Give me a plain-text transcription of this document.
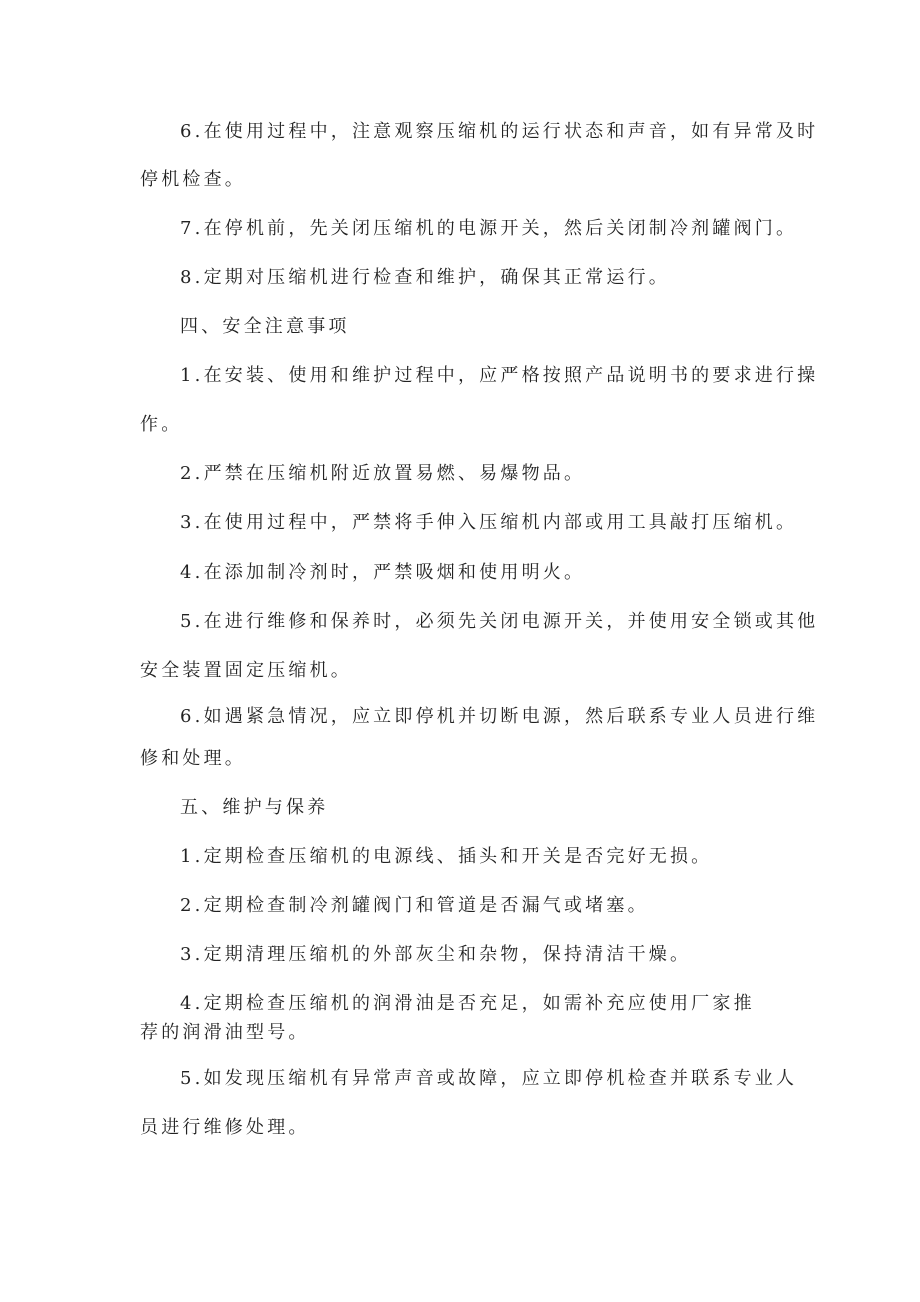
6.在使用过程中，注意观察压缩机的运行状态和声音，如有异常及时

停机检查。

7.在停机前，先关闭压缩机的电源开关，然后关闭制冷剂罐阀门。

8.定期对压缩机进行检查和维护，确保其正常运行。

四、安全注意事项

1.在安装、使用和维护过程中，应严格按照产品说明书的要求进行操

作。

2.严禁在压缩机附近放置易燃、易爆物品。

3.在使用过程中，严禁将手伸入压缩机内部或用工具敲打压缩机。

4.在添加制冷剂时，严禁吸烟和使用明火。

5.在进行维修和保养时，必须先关闭电源开关，并使用安全锁或其他

安全装置固定压缩机。

6.如遇紧急情况，应立即停机并切断电源，然后联系专业人员进行维

修和处理。

五、维护与保养

1.定期检查压缩机的电源线、插头和开关是否完好无损。

2.定期检查制冷剂罐阀门和管道是否漏气或堵塞。

3.定期清理压缩机的外部灰尘和杂物，保持清洁干燥。

4.定期检查压缩机的润滑油是否充足，如需补充应使用厂家推

荐的润滑油型号。

5.如发现压缩机有异常声音或故障，应立即停机检查并联系专业人

员进行维修处理。
